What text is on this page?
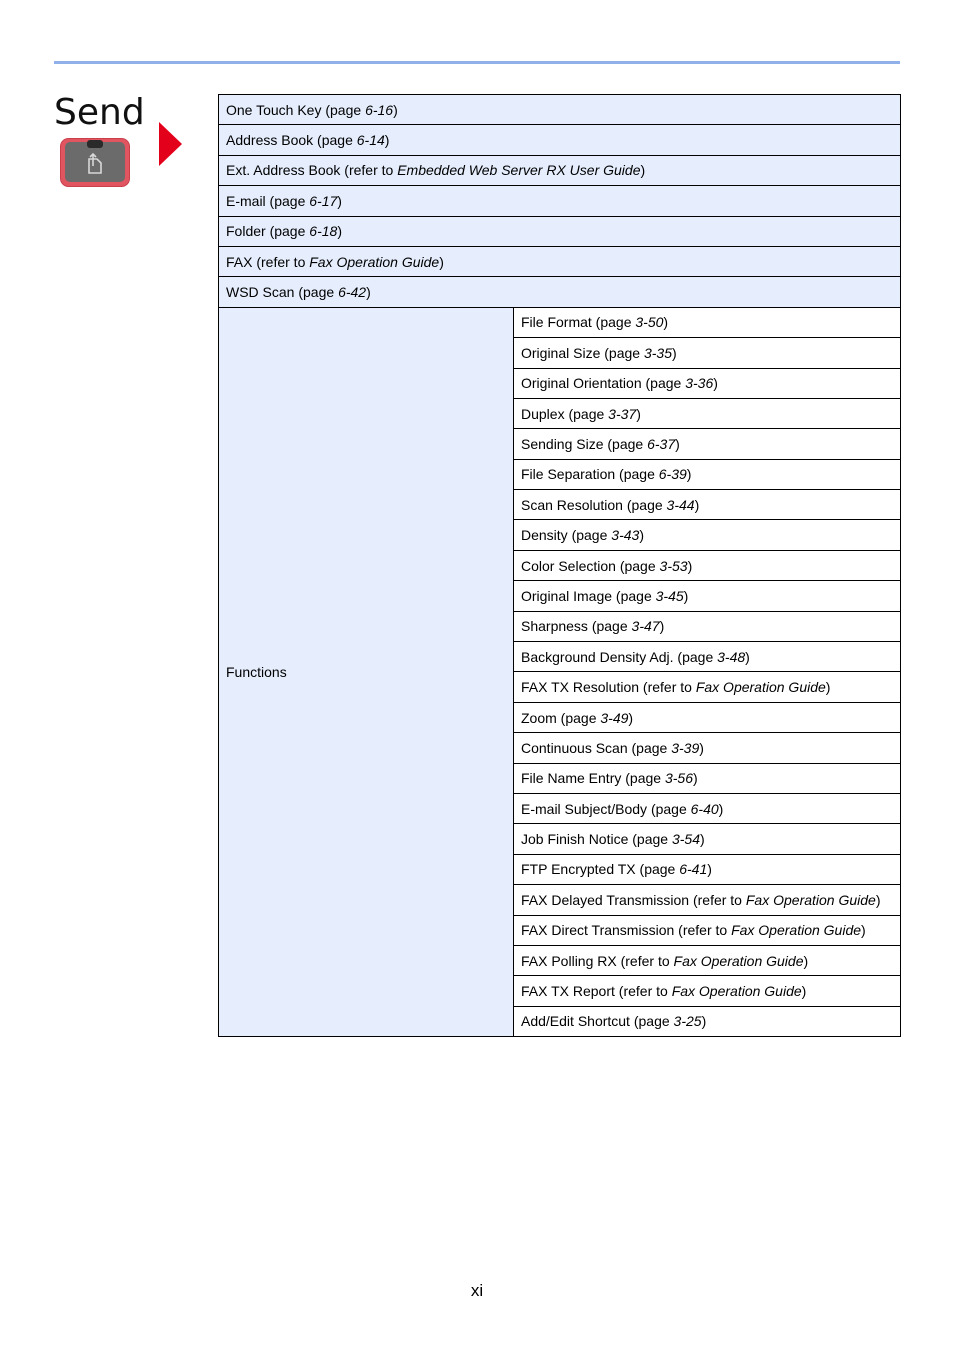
Send	One Touch Key (page 6-16)
Address Book (page 6-14)
Ext. Address Book (refer to Embedded Web Server RX User Guide)
E-mail (page 6-17)
Folder (page 6-18)
FAX (refer to Fax Operation Guide)
WSD Scan (page 6-42)
Functions	File Format (page 3-50)
Original Size (page 3-35)
Original Orientation (page 3-36)
Duplex (page 3-37)
Sending Size (page 6-37)
File Separation (page 6-39)
Scan Resolution (page 3-44)
Density (page 3-43)
Color Selection (page 3-53)
Original Image (page 3-45)
Sharpness (page 3-47)
Background Density Adj. (page 3-48)
FAX TX Resolution (refer to Fax Operation Guide)
Zoom (page 3-49)
Continuous Scan (page 3-39)
File Name Entry (page 3-56)
E-mail Subject/Body (page 6-40)
Job Finish Notice (page 3-54)
FTP Encrypted TX (page 6-41)
FAX Delayed Transmission (refer to Fax Operation Guide)
FAX Direct Transmission (refer to Fax Operation Guide)
FAX Polling RX (refer to Fax Operation Guide)
FAX TX Report (refer to Fax Operation Guide)
Add/Edit Shortcut (page 3-25)
xi
